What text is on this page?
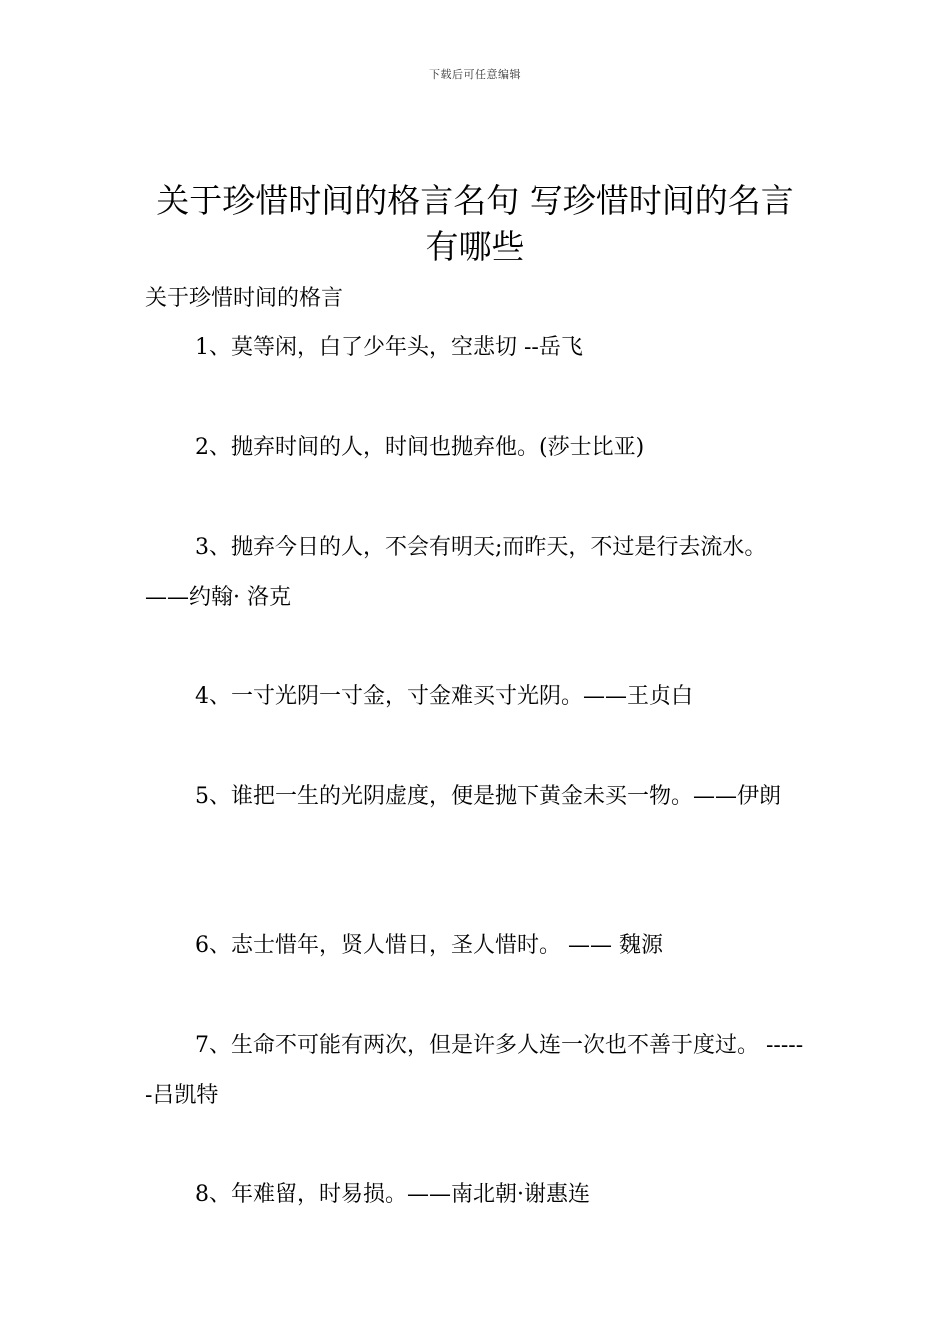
下载后可任意编辑
关于珍惜时间的格言名句 写珍惜时间的名言有哪些

关于珍惜时间的格言

1、莫等闲，白了少年头，空悲切 --岳飞

2、抛弃时间的人，时间也抛弃他。(莎士比亚)

3、抛弃今日的人，不会有明天;而昨天，不过是行去流水。 ——约翰· 洛克

4、一寸光阴一寸金，寸金难买寸光阴。——王贞白

5、谁把一生的光阴虚度，便是抛下黄金未买一物。——伊朗

6、志士惜年，贤人惜日，圣人惜时。 —— 魏源

7、生命不可能有两次，但是许多人连一次也不善于度过。 ------吕凯特

8、年难留，时易损。——南北朝·谢惠连
